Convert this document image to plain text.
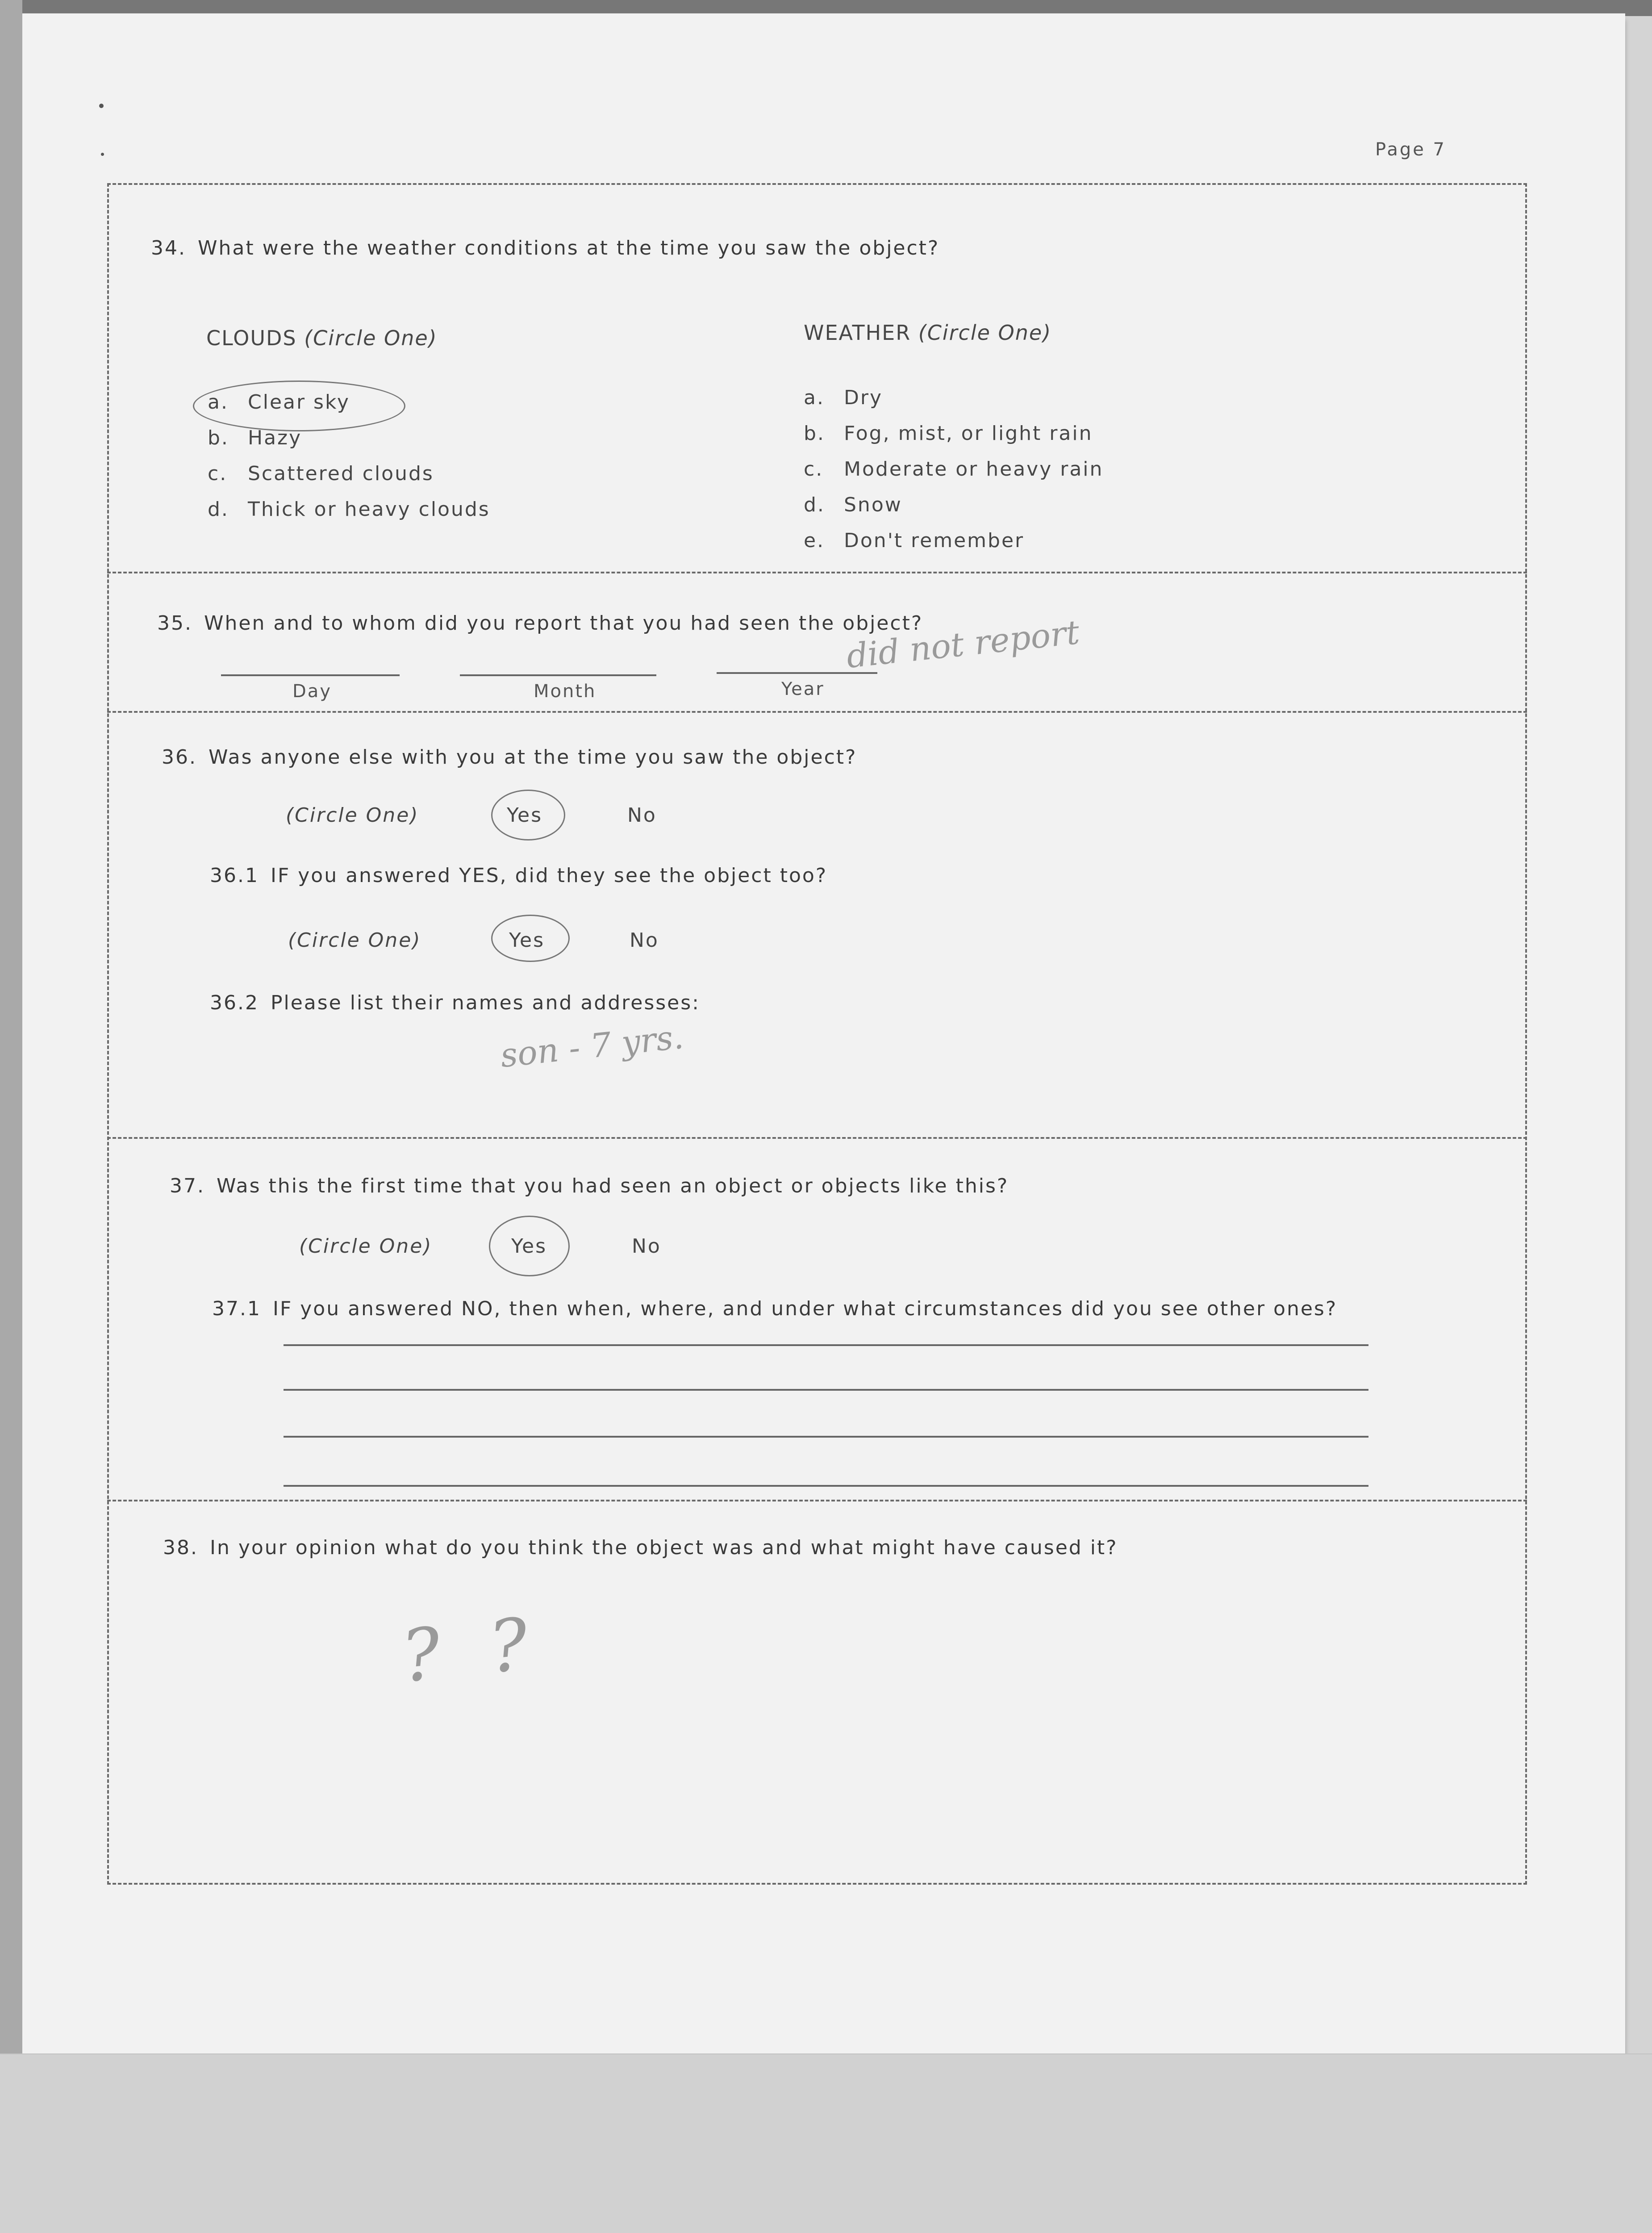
Page 7
34. What were the weather conditions at the time you saw the object?
CLOUDS (Circle One)	WEATHER (Circle One)
a. Clear sky
b. Hazy
c. Scattered clouds
d. Thick or heavy clouds
a. Dry
b. Fog, mist, or light rain
c. Moderate or heavy rain
d. Snow
e. Don't remember
35. When and to whom did you report that you had seen the object?
Day	Month	Year
did not report
36. Was anyone else with you at the time you saw the object?
(Circle One)	Yes	No
36.1 IF you answered YES, did they see the object too?
(Circle One)	Yes	No
36.2 Please list their names and addresses:
son - 7 yrs.
37. Was this the first time that you had seen an object or objects like this?
(Circle One)	Yes	No
37.1 IF you answered NO, then when, where, and under what circumstances did you see other ones?
38. In your opinion what do you think the object was and what might have caused it?
? ?
